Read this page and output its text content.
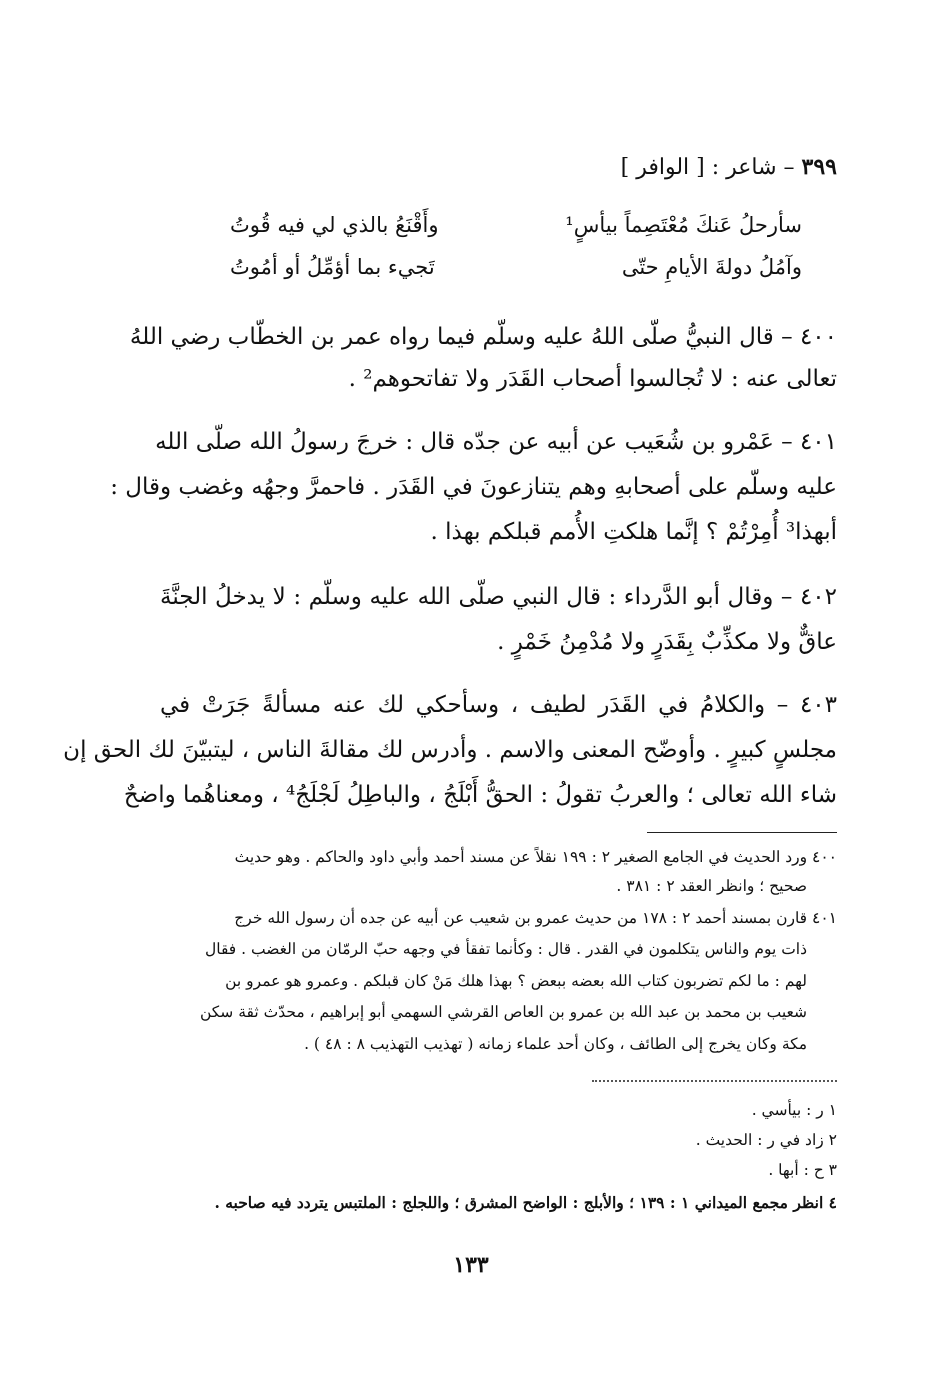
٣٩٩ – شاعر : [ الوافر ]
سأرحلُ عَنكَ مُعْتَصِماً بيأسٍ¹
وأَقْنَعُ بالذي لي فيه قُوتُ
وآمُلُ دولةَ الأيامِ حتّى
تَجيء بما أؤمِّلُ أو أمُوتُ
٤٠٠ – قال النبيُّ صلّى اللهُ عليه وسلّم فيما رواه عمر بن الخطّاب رضي اللهُ
تعالى عنه : لا تُجالسوا أصحاب القَدَر ولا تفاتحوهم² .
٤٠١ – عَمْرو بن شُعَيب عن أبيه عن جدّه قال : خرجَ رسولُ الله صلّى الله
عليه وسلّم على أصحابهِ وهم يتنازعونَ في القَدَر . فاحمرَّ وجهُه وغضب وقال :
أبهذا³ أُمِرْتُمْ ؟ إنَّما هلكتِ الأُمم قبلكم بهذا .
٤٠٢ – وقال أبو الدَّرداء : قال النبي صلّى الله عليه وسلّم : لا يدخلُ الجنَّةَ
عاقٌّ ولا مكذِّبٌ بِقَدَرٍ ولا مُدْمِنُ خَمْرٍ .
٤٠٣ – والكلامُ في القَدَر لطيف ، وسأحكي لك عنه مسألةً جَرَتْ في
مجلسٍ كبيرٍ . وأوضّح المعنى والاسم . وأدرس لك مقالةَ الناس ، ليتبيّنَ لك الحق إن
شاء الله تعالى ؛ والعربُ تقولُ : الحقُّ أَبْلَجُ ، والباطِلُ لَجْلَجُ⁴ ، ومعناهُما واضحٌ
٤٠٠ ورد الحديث في الجامع الصغير ٢ : ١٩٩ نقلاً عن مسند أحمد وأبي داود والحاكم . وهو حديث
صحيح ؛ وانظر العقد ٢ : ٣٨١ .
٤٠١ قارن بمسند أحمد ٢ : ١٧٨ من حديث عمرو بن شعيب عن أبيه عن جده أن رسول الله خرج
ذات يوم والناس يتكلمون في القدر . قال : وكأنما تفقأ في وجهه حبّ الرمّان من الغضب . فقال
لهم : ما لكم تضربون كتاب الله بعضه ببعض ؟ بهذا هلك مَنْ كان قبلكم . وعمرو هو عمرو بن
شعيب بن محمد بن عبد الله بن عمرو بن العاص القرشي السهمي أبو إبراهيم ، محدّث ثقة سكن
مكة وكان يخرج إلى الطائف ، وكان أحد علماء زمانه ( تهذيب التهذيب ٨ : ٤٨ ) .
١ ر : بيأسي .
٢ زاد في ر : الحديث .
٣ ح : أبها .
٤ انظر مجمع الميداني ١ : ١٣٩ ؛ والأبلج : الواضح المشرق ؛ واللجلج : الملتبس يتردد فيه صاحبه .
١٣٣
